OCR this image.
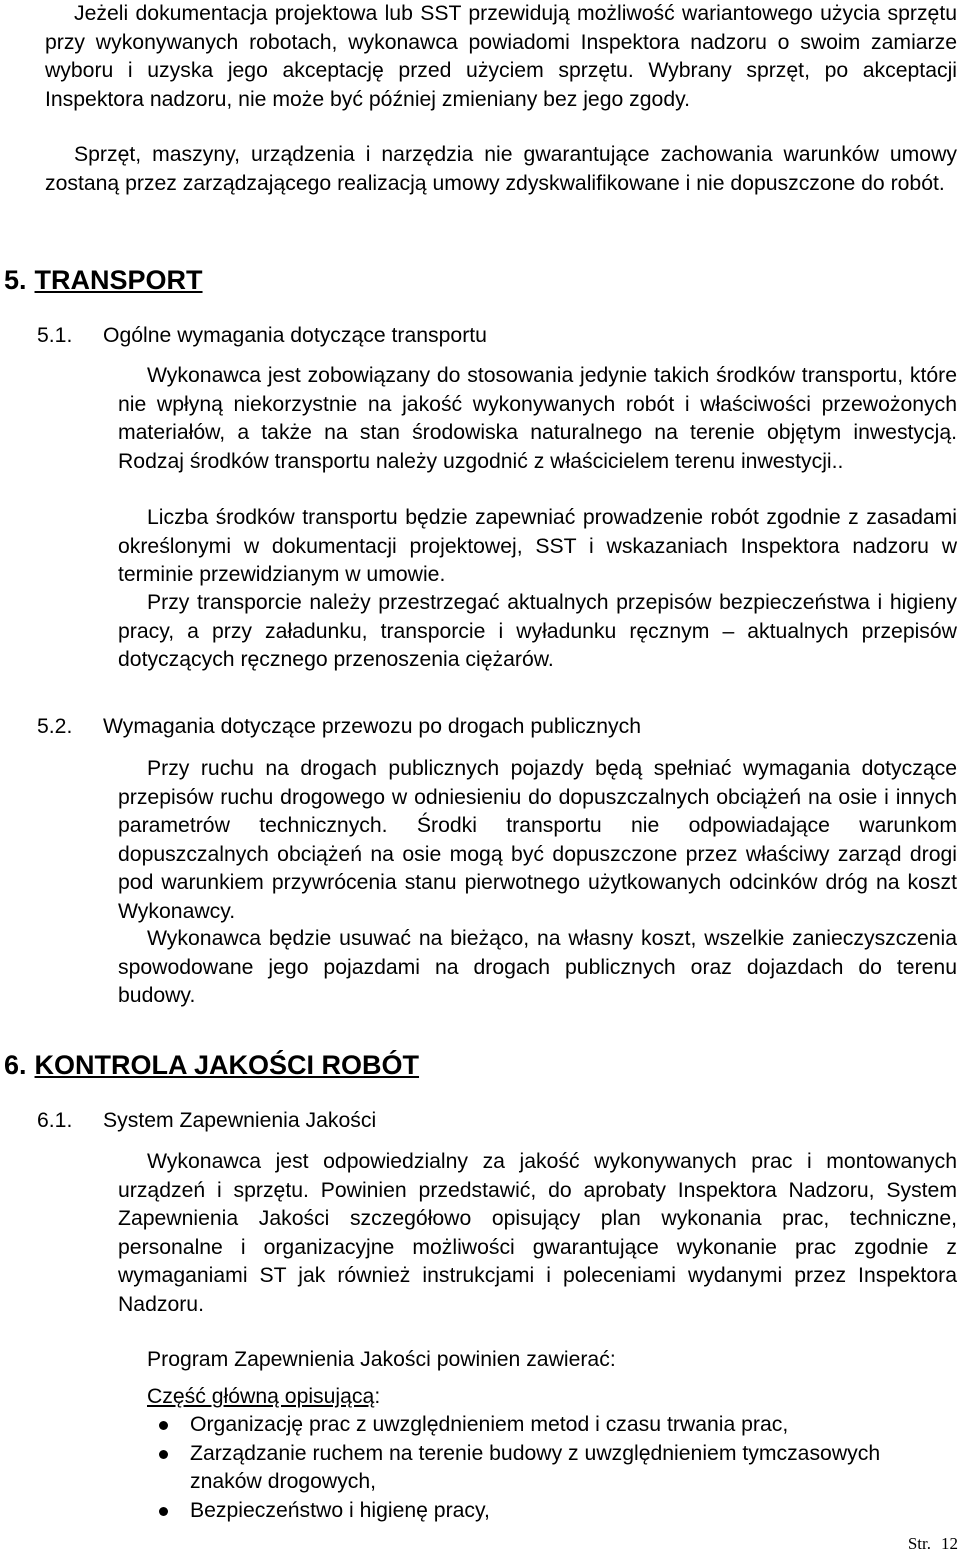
Jeżeli dokumentacja projektowa lub SST przewidują możliwość wariantowego użycia sprzętu przy wykonywanych robotach, wykonawca powiadomi Inspektora nadzoru o swoim zamiarze wyboru i uzyska jego akceptację przed użyciem sprzętu. Wybrany sprzęt, po akceptacji Inspektora nadzoru, nie może być później zmieniany bez jego zgody.

Sprzęt, maszyny, urządzenia i narzędzia nie gwarantujące zachowania warunków umowy zostaną przez zarządzającego realizacją umowy zdyskwalifikowane i nie dopuszczone do robót.

5. TRANSPORT

5.1. Ogólne wymagania dotyczące transportu

Wykonawca jest zobowiązany do stosowania jedynie takich środków transportu, które nie wpłyną niekorzystnie na jakość wykonywanych robót i właściwości przewożonych materiałów, a także na stan środowiska naturalnego na terenie objętym inwestycją. Rodzaj środków transportu należy uzgodnić z właścicielem terenu inwestycji..

Liczba środków transportu będzie zapewniać prowadzenie robót zgodnie z zasadami określonymi w dokumentacji projektowej, SST i wskazaniach Inspektora nadzoru w terminie przewidzianym w umowie.

Przy transporcie należy przestrzegać aktualnych przepisów bezpieczeństwa i higieny pracy, a przy załadunku, transporcie i wyładunku ręcznym – aktualnych przepisów dotyczących ręcznego przenoszenia ciężarów.

5.2. Wymagania dotyczące przewozu po drogach publicznych

Przy ruchu na drogach publicznych pojazdy będą spełniać wymagania dotyczące przepisów ruchu drogowego w odniesieniu do dopuszczalnych obciążeń na osie i innych parametrów technicznych. Środki transportu nie odpowiadające warunkom dopuszczalnych obciążeń na osie mogą być dopuszczone przez właściwy zarząd drogi pod warunkiem przywrócenia stanu pierwotnego użytkowanych odcinków dróg na koszt Wykonawcy.

Wykonawca będzie usuwać na bieżąco, na własny koszt, wszelkie zanieczyszczenia spowodowane jego pojazdami na drogach publicznych oraz dojazdach do terenu budowy.

6. KONTROLA JAKOŚCI ROBÓT

6.1. System Zapewnienia Jakości

Wykonawca jest odpowiedzialny za jakość wykonywanych prac i montowanych urządzeń i sprzętu. Powinien przedstawić, do aprobaty Inspektora Nadzoru, System Zapewnienia Jakości szczegółowo opisujący plan wykonania prac, techniczne, personalne i organizacyjne możliwości gwarantujące wykonanie prac zgodnie z wymaganiami ST jak również instrukcjami i poleceniami wydanymi przez Inspektora Nadzoru.

Program Zapewnienia Jakości powinien zawierać:

Część główną opisującą:

Organizację prac z uwzględnieniem metod i czasu trwania prac,
Zarządzanie ruchem na terenie budowy z uwzględnieniem tymczasowych znaków drogowych,
Bezpieczeństwo i higienę pracy,
Str. 12
